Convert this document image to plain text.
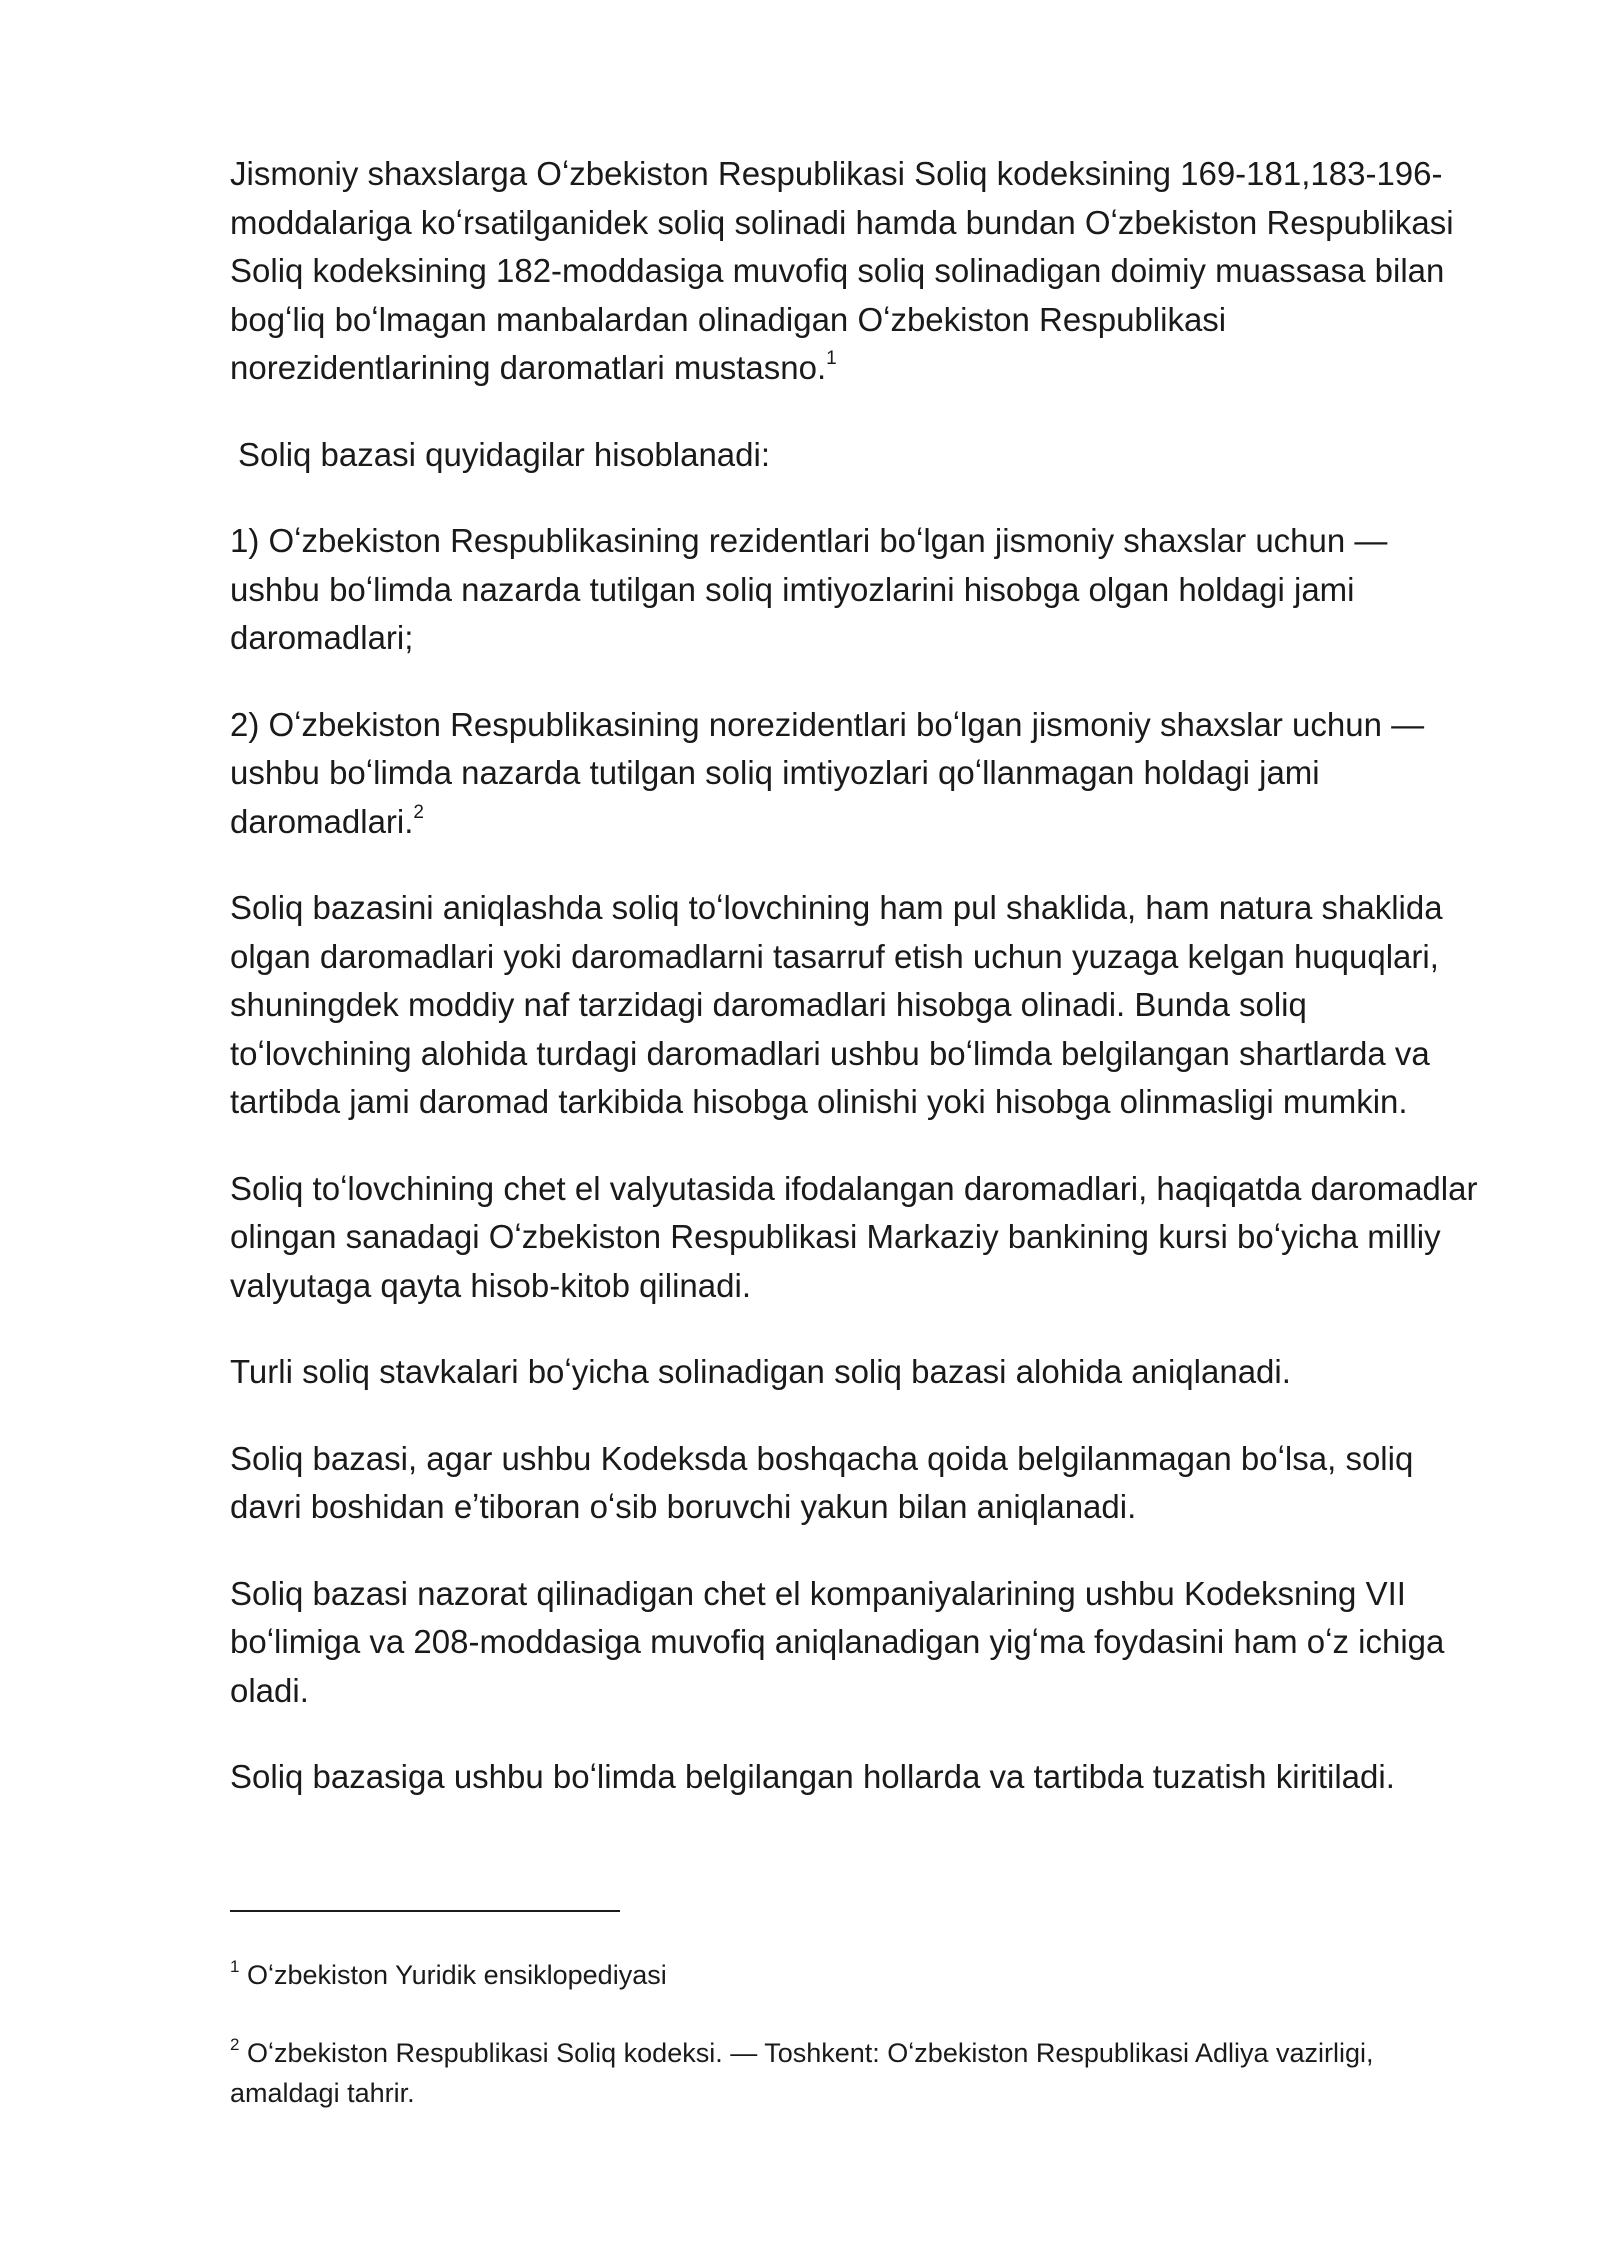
Jismoniy shaxslarga Oʻzbekiston Respublikasi Soliq kodeksining 169-181,183-196-moddalariga koʻrsatilganidek soliq solinadi hamda bundan Oʻzbekiston Respublikasi Soliq kodeksining 182-moddasiga muvofiq soliq solinadigan doimiy muassasa bilan bogʻliq boʻlmagan manbalardan olinadigan Oʻzbekiston Respublikasi norezidentlarining daromatlari mustasno.$^1$

Soliq bazasi quyidagilar hisoblanadi:

1) Oʻzbekiston Respublikasining rezidentlari boʻlgan jismoniy shaxslar uchun — ushbu boʻlimda nazarda tutilgan soliq imtiyozlarini hisobga olgan holdagi jami daromadlari;

2) Oʻzbekiston Respublikasining norezidentlari boʻlgan jismoniy shaxslar uchun — ushbu boʻlimda nazarda tutilgan soliq imtiyozlari qoʻllanmagan holdagi jami daromadlari.$^2$

Soliq bazasini aniqlashda soliq toʻlovchining ham pul shaklida, ham natura shaklida olgan daromadlari yoki daromadlarni tasarruf etish uchun yuzaga kelgan huquqlari, shuningdek moddiy naf tarzidagi daromadlari hisobga olinadi. Bunda soliq toʻlovchining alohida turdagi daromadlari ushbu boʻlimda belgilangan shartlarda va tartibda jami daromad tarkibida hisobga olinishi yoki hisobga olinmasligi mumkin.

Soliq toʻlovchining chet el valyutasida ifodalangan daromadlari, haqiqatda daromadlar olingan sanadagi Oʻzbekiston Respublikasi Markaziy bankining kursi boʻyicha milliy valyutaga qayta hisob-kitob qilinadi.

Turli soliq stavkalari boʻyicha solinadigan soliq bazasi alohida aniqlanadi.

Soliq bazasi, agar ushbu Kodeksda boshqacha qoida belgilanmagan boʻlsa, soliq davri boshidan eʼtiboran oʻsib boruvchi yakun bilan aniqlanadi.

Soliq bazasi nazorat qilinadigan chet el kompaniyalarining ushbu Kodeksning VII boʻlimiga va 208-moddasiga muvofiq aniqlanadigan yigʻma foydasini ham oʻz ichiga oladi.

Soliq bazasiga ushbu boʻlimda belgilangan hollarda va tartibda tuzatish kiritiladi.

$^1$ Oʻzbekiston Yuridik ensiklopediyasi

$^2$ Oʻzbekiston Respublikasi Soliq kodeksi. — Toshkent: Oʻzbekiston Respublikasi Adliya vazirligi, amaldagi tahrir.
